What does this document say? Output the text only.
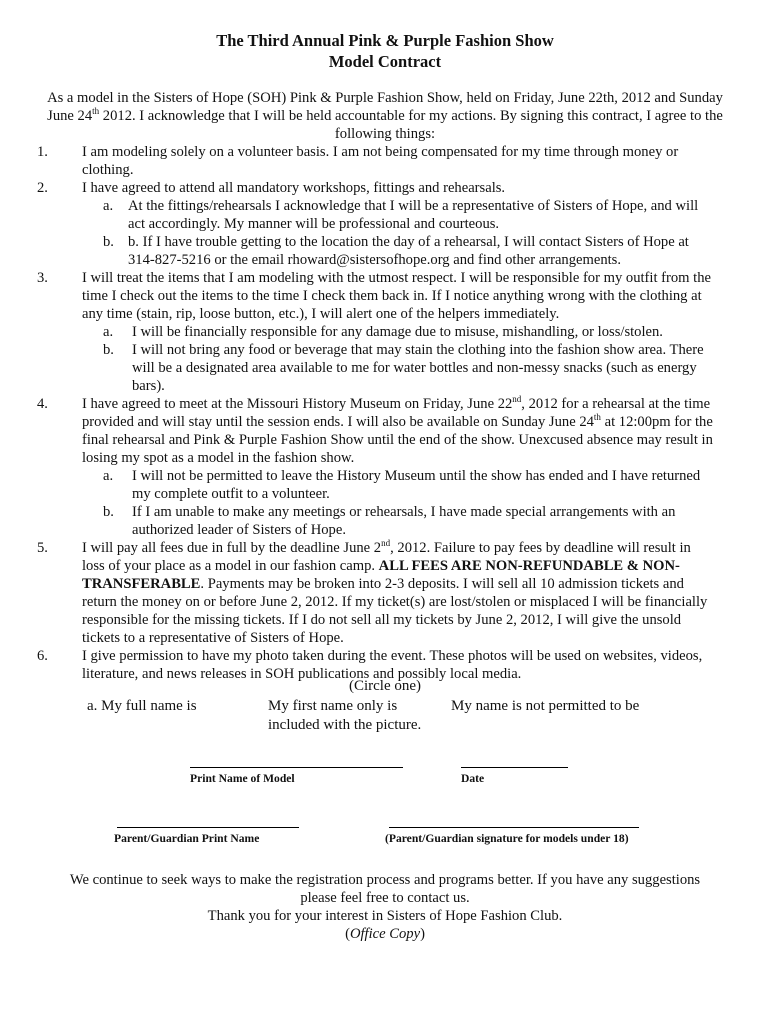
The Third Annual Pink & Purple Fashion Show
Model Contract
As a model in the Sisters of Hope (SOH) Pink & Purple Fashion Show, held on Friday, June 22th, 2012 and Sunday June 24th 2012. I acknowledge that I will be held accountable for my actions. By signing this contract, I agree to the following things:
1. I am modeling solely on a volunteer basis. I am not being compensated for my time through money or clothing.
2. I have agreed to attend all mandatory workshops, fittings and rehearsals.
a. At the fittings/rehearsals I acknowledge that I will be a representative of Sisters of Hope, and will act accordingly. My manner will be professional and courteous.
b. b. If I have trouble getting to the location the day of a rehearsal, I will contact Sisters of Hope at 314-827-5216 or the email rhoward@sistersofhope.org and find other arrangements.
3. I will treat the items that I am modeling with the utmost respect. I will be responsible for my outfit from the time I check out the items to the time I check them back in. If I notice anything wrong with the clothing at any time (stain, rip, loose button, etc.), I will alert one of the helpers immediately.
a. I will be financially responsible for any damage due to misuse, mishandling, or loss/stolen.
b. I will not bring any food or beverage that may stain the clothing into the fashion show area. There will be a designated area available to me for water bottles and non-messy snacks (such as energy bars).
4. I have agreed to meet at the Missouri History Museum on Friday, June 22nd, 2012 for a rehearsal at the time provided and will stay until the session ends. I will also be available on Sunday June 24th at 12:00pm for the final rehearsal and Pink & Purple Fashion Show until the end of the show. Unexcused absence may result in losing my spot as a model in the fashion show.
a. I will not be permitted to leave the History Museum until the show has ended and I have returned my complete outfit to a volunteer.
b. If I am unable to make any meetings or rehearsals, I have made special arrangements with an authorized leader of Sisters of Hope.
5. I will pay all fees due in full by the deadline June 2nd, 2012. Failure to pay fees by deadline will result in loss of your place as a model in our fashion camp. ALL FEES ARE NON-REFUNDABLE & NON-TRANSFERABLE. Payments may be broken into 2-3 deposits. I will sell all 10 admission tickets and return the money on or before June 2, 2012. If my ticket(s) are lost/stolen or misplaced I will be financially responsible for the missing tickets. If I do not sell all my tickets by June 2, 2012, I will give the unsold tickets to a representative of Sisters of Hope.
6. I give permission to have my photo taken during the event. These photos will be used on websites, videos, literature, and news releases in SOH publications and possibly local media.
(Circle one)
a. My full name is	My first name only is included with the picture.
My name is not permitted to be
Print Name of Model	Date
Parent/Guardian Print Name	(Parent/Guardian signature for models under 18)
We continue to seek ways to make the registration process and programs better. If you have any suggestions please feel free to contact us.
Thank you for your interest in Sisters of Hope Fashion Club.
(Office Copy)
